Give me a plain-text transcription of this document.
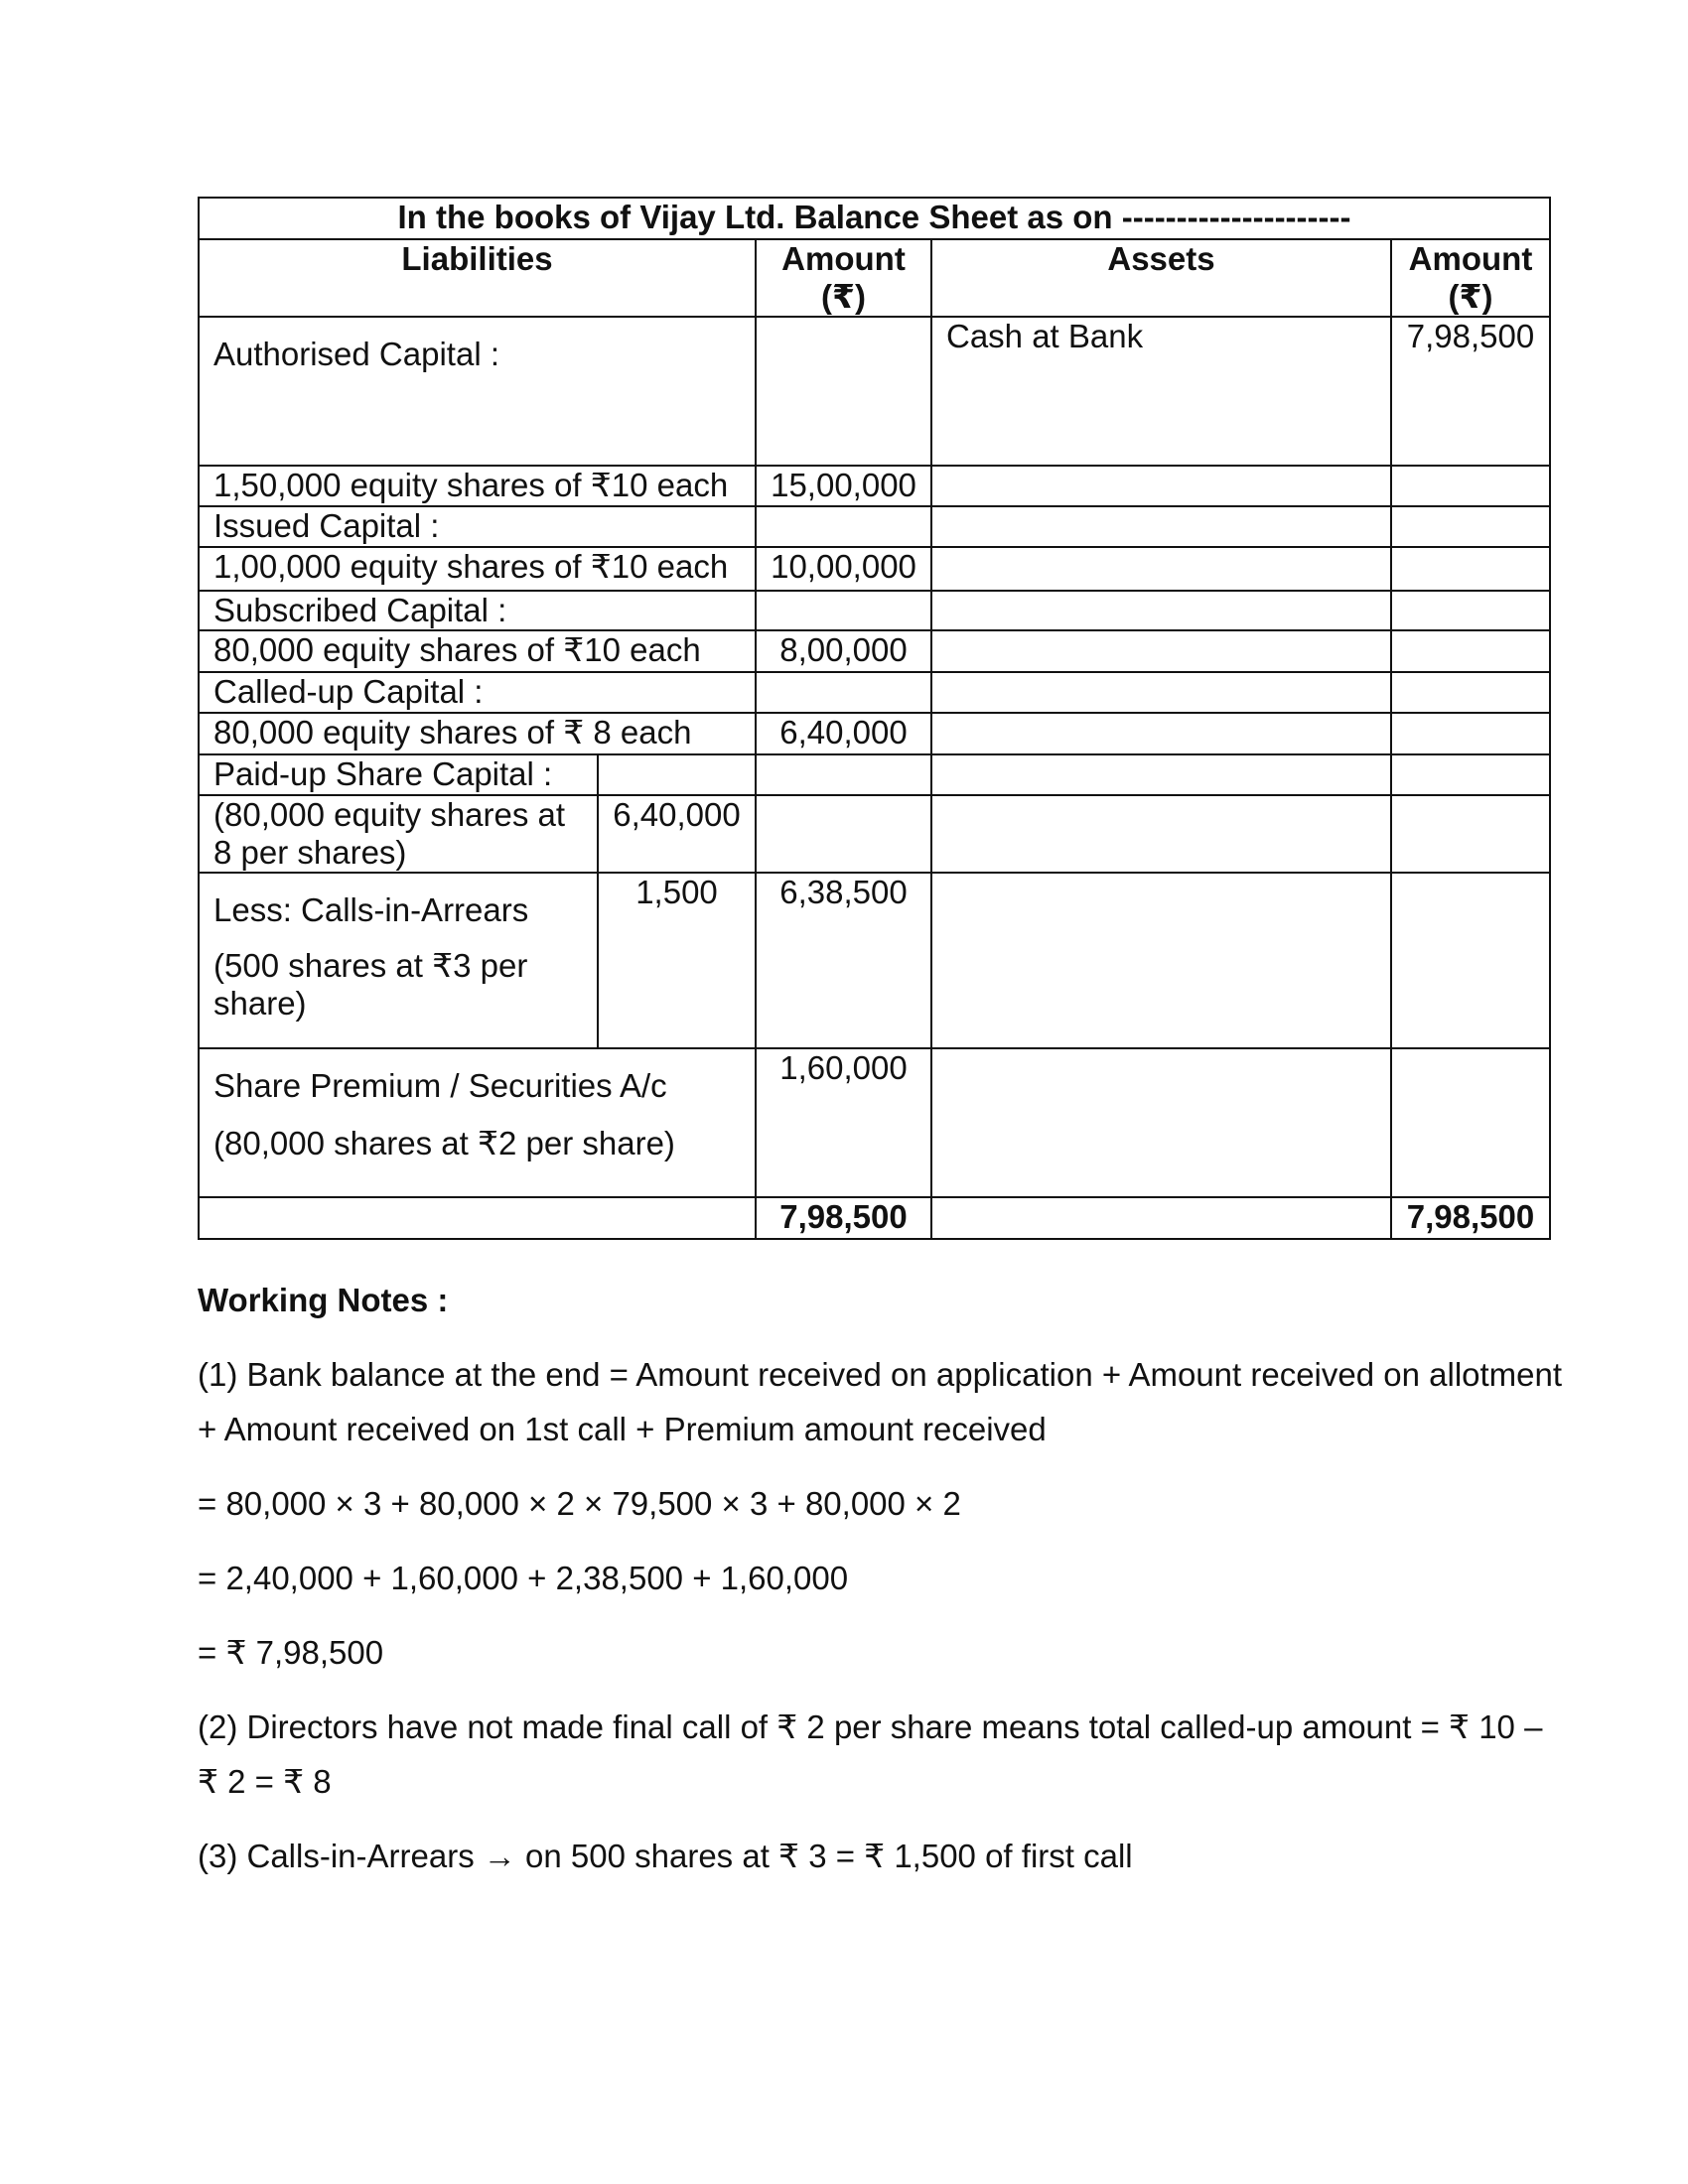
In the books of Vijay Ltd. Balance Sheet as on ---------------------				
Liabilities		Amount (₹)	Assets	Amount (₹)
Authorised Capital :			Cash at Bank	7,98,500
1,50,000 equity shares of ₹10 each		15,00,000		
Issued Capital :				
1,00,000 equity shares of ₹10 each		10,00,000		
Subscribed Capital :				
80,000 equity shares of ₹10 each		8,00,000		
Called-up Capital :				
80,000 equity shares of ₹ 8 each		6,40,000		
Paid-up Share Capital :				
(80,000 equity shares at 8 per shares)	6,40,000			

Less: Calls-in-Arrears
(500 shares at ₹3 per share)	1,500	6,38,500		

Share Premium / Securities A/c
(80,000 shares at ₹2 per share)		1,60,000		
		7,98,500		7,98,500
Working Notes :

(1) Bank balance at the end = Amount received on application + Amount received on allotment + Amount received on 1st call + Premium amount received

= 80,000 × 3 + 80,000 × 2 × 79,500 × 3 + 80,000 × 2

= 2,40,000 + 1,60,000 + 2,38,500 + 1,60,000

= ₹ 7,98,500

(2) Directors have not made final call of ₹ 2 per share means total called-up amount = ₹ 10 – ₹ 2 = ₹ 8

(3) Calls-in-Arrears → on 500 shares at ₹ 3 = ₹ 1,500 of first call
